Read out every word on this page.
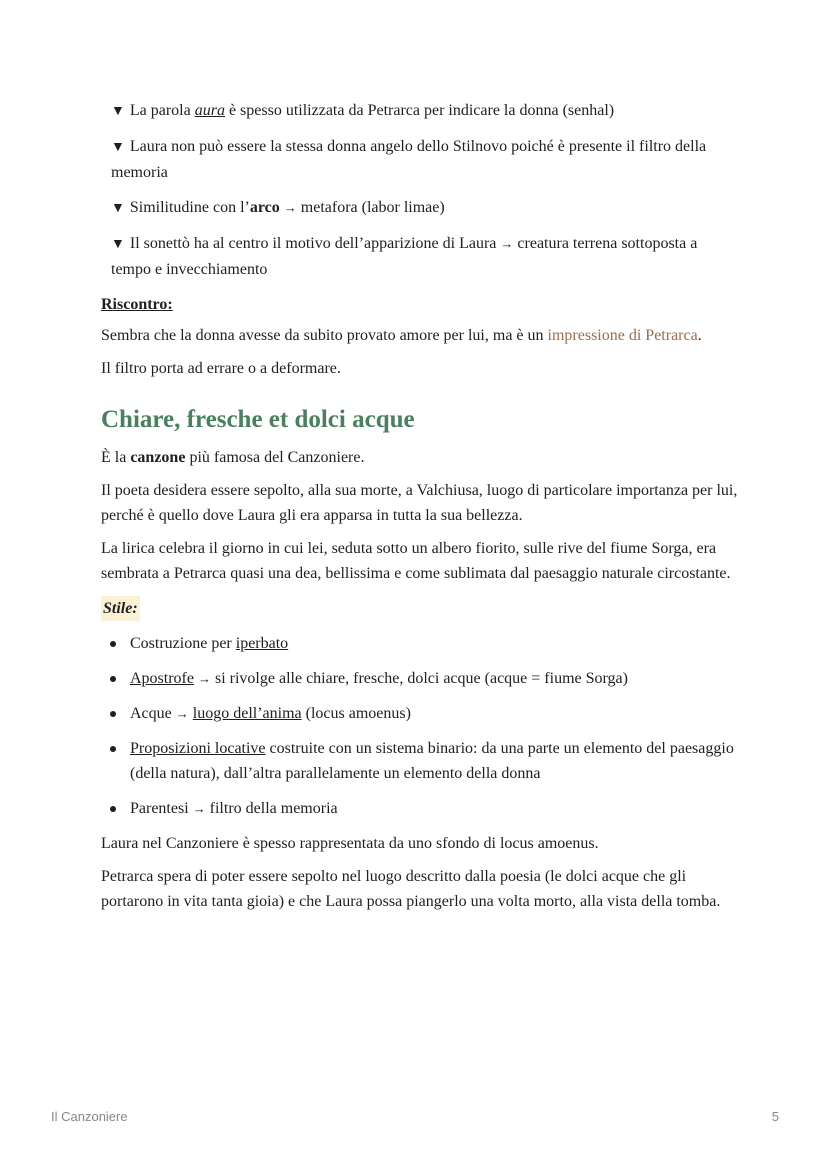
▼ La parola aura è spesso utilizzata da Petrarca per indicare la donna (senhal)
▼ Laura non può essere la stessa donna angelo dello Stilnovo poiché è presente il filtro della memoria
▼ Similitudine con l’arco → metafora (labor limae)
▼ Il sonettò ha al centro il motivo dell’apparizione di Laura → creatura terrena sottoposta a tempo e invecchiamento
Riscontro:

Sembra che la donna avesse da subito provato amore per lui, ma è un impressione di Petrarca.

Il filtro porta ad errare o a deformare.

Chiare, fresche et dolci acque

È la canzone più famosa del Canzoniere.

Il poeta desidera essere sepolto, alla sua morte, a Valchiusa, luogo di particolare importanza per lui, perché è quello dove Laura gli era apparsa in tutta la sua bellezza.

La lirica celebra il giorno in cui lei, seduta sotto un albero fiorito, sulle rive del fiume Sorga, era sembrata a Petrarca quasi una dea, bellissima e come sublimata dal paesaggio naturale circostante.

Stile:
Costruzione per iperbato
Apostrofe → si rivolge alle chiare, fresche, dolci acque (acque = fiume Sorga)
Acque → luogo dell’anima (locus amoenus)
Proposizioni locative costruite con un sistema binario: da una parte un elemento del paesaggio (della natura), dall’altra parallelamente un elemento della donna
Parentesi → filtro della memoria

Laura nel Canzoniere è spesso rappresentata da uno sfondo di locus amoenus.

Petrarca spera di poter essere sepolto nel luogo descritto dalla poesia (le dolci acque che gli portarono in vita tanta gioia) e che Laura possa piangerlo una volta morto, alla vista della tomba.

Il Canzoniere	5
